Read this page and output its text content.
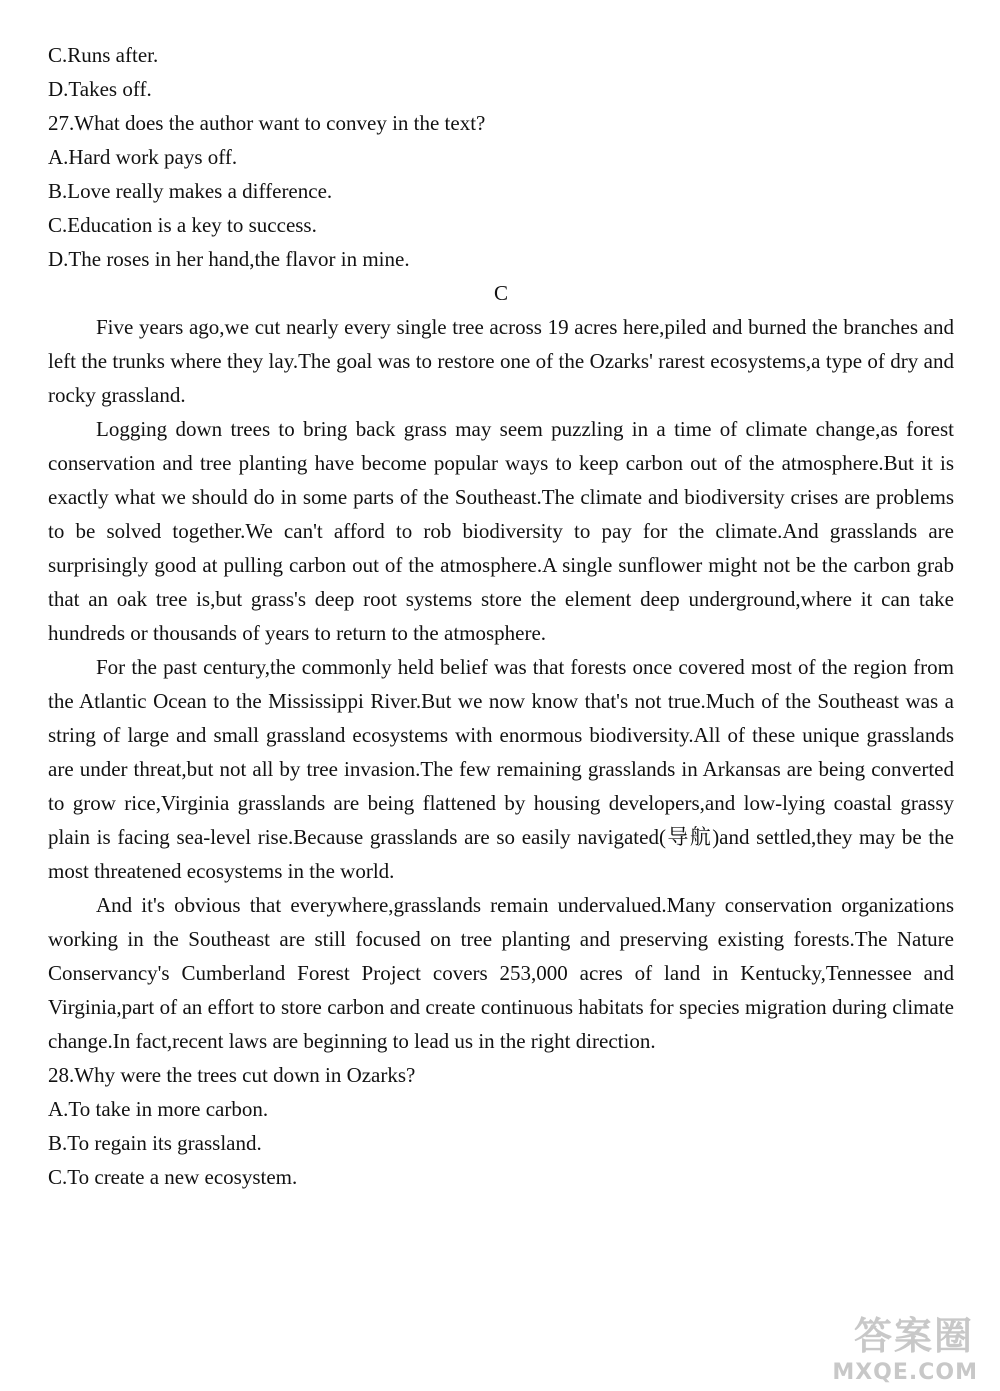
C.Runs after.

D.Takes off.

27.What does the author want to convey in the text?

A.Hard work pays off.

B.Love really makes a difference.

C.Education is a key to success.

D.The roses in her hand,the flavor in mine.

C

Five years ago,we cut nearly every single tree across 19 acres here,piled and burned the branches and left the trunks where they lay.The goal was to restore one of the Ozarks' rarest ecosystems,a type of dry and rocky grassland.

Logging down trees to bring back grass may seem puzzling in a time of climate change,as forest conservation and tree planting have become popular ways to keep carbon out of the atmosphere.But it is exactly what we should do in some parts of the Southeast.The climate and biodiversity crises are problems to be solved together.We can't afford to rob biodiversity to pay for the climate.And grasslands are surprisingly good at pulling carbon out of the atmosphere.A single sunflower might not be the carbon grab that an oak tree is,but grass's deep root systems store the element deep underground,where it can take hundreds or thousands of years to return to the atmosphere.

For the past century,the commonly held belief was that forests once covered most of the region from the Atlantic Ocean to the Mississippi River.But we now know that's not true.Much of the Southeast was a string of large and small grassland ecosystems with enormous biodiversity.All of these unique grasslands are under threat,but not all by tree invasion.The few remaining grasslands in Arkansas are being converted to grow rice,Virginia grasslands are being flattened by housing developers,and low-lying coastal grassy plain is facing sea-level rise.Because grasslands are so easily navigated(导航)and settled,they may be the most threatened ecosystems in the world.

And it's obvious that everywhere,grasslands remain undervalued.Many conservation organizations working in the Southeast are still focused on tree planting and preserving existing forests.The Nature Conservancy's Cumberland Forest Project covers 253,000 acres of land in Kentucky,Tennessee and Virginia,part of an effort to store carbon and create continuous habitats for species migration during climate change.In fact,recent laws are beginning to lead us in the right direction.

28.Why were the trees cut down in Ozarks?

A.To take in more carbon.

B.To regain its grassland.

C.To create a new ecosystem.

答案圈
MXQE.COM
